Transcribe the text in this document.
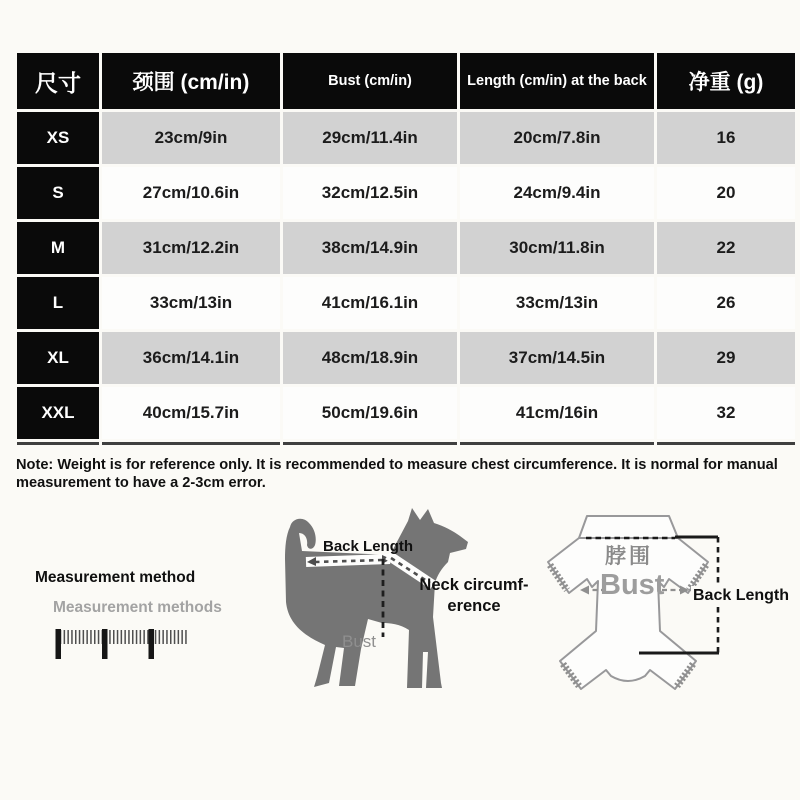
尺寸	颈围 (cm/in)	Bust (cm/in)	Length (cm/in) at the back	净重 (g)
XS	23cm/9in	29cm/11.4in	20cm/7.8in	16
S	27cm/10.6in	32cm/12.5in	24cm/9.4in	20
M	31cm/12.2in	38cm/14.9in	30cm/11.8in	22
L	33cm/13in	41cm/16.1in	33cm/13in	26
XL	36cm/14.1in	48cm/18.9in	37cm/14.5in	29
XXL	40cm/15.7in	50cm/19.6in	41cm/16in	32

Note: Weight is for reference only. It is recommended to measure chest circumference. It is normal for manual measurement to have a 2-3cm error.

Measurement method
Measurement methods
Back Length
Neck circumf-
erence
Bust
脖围
Bust Back Length
